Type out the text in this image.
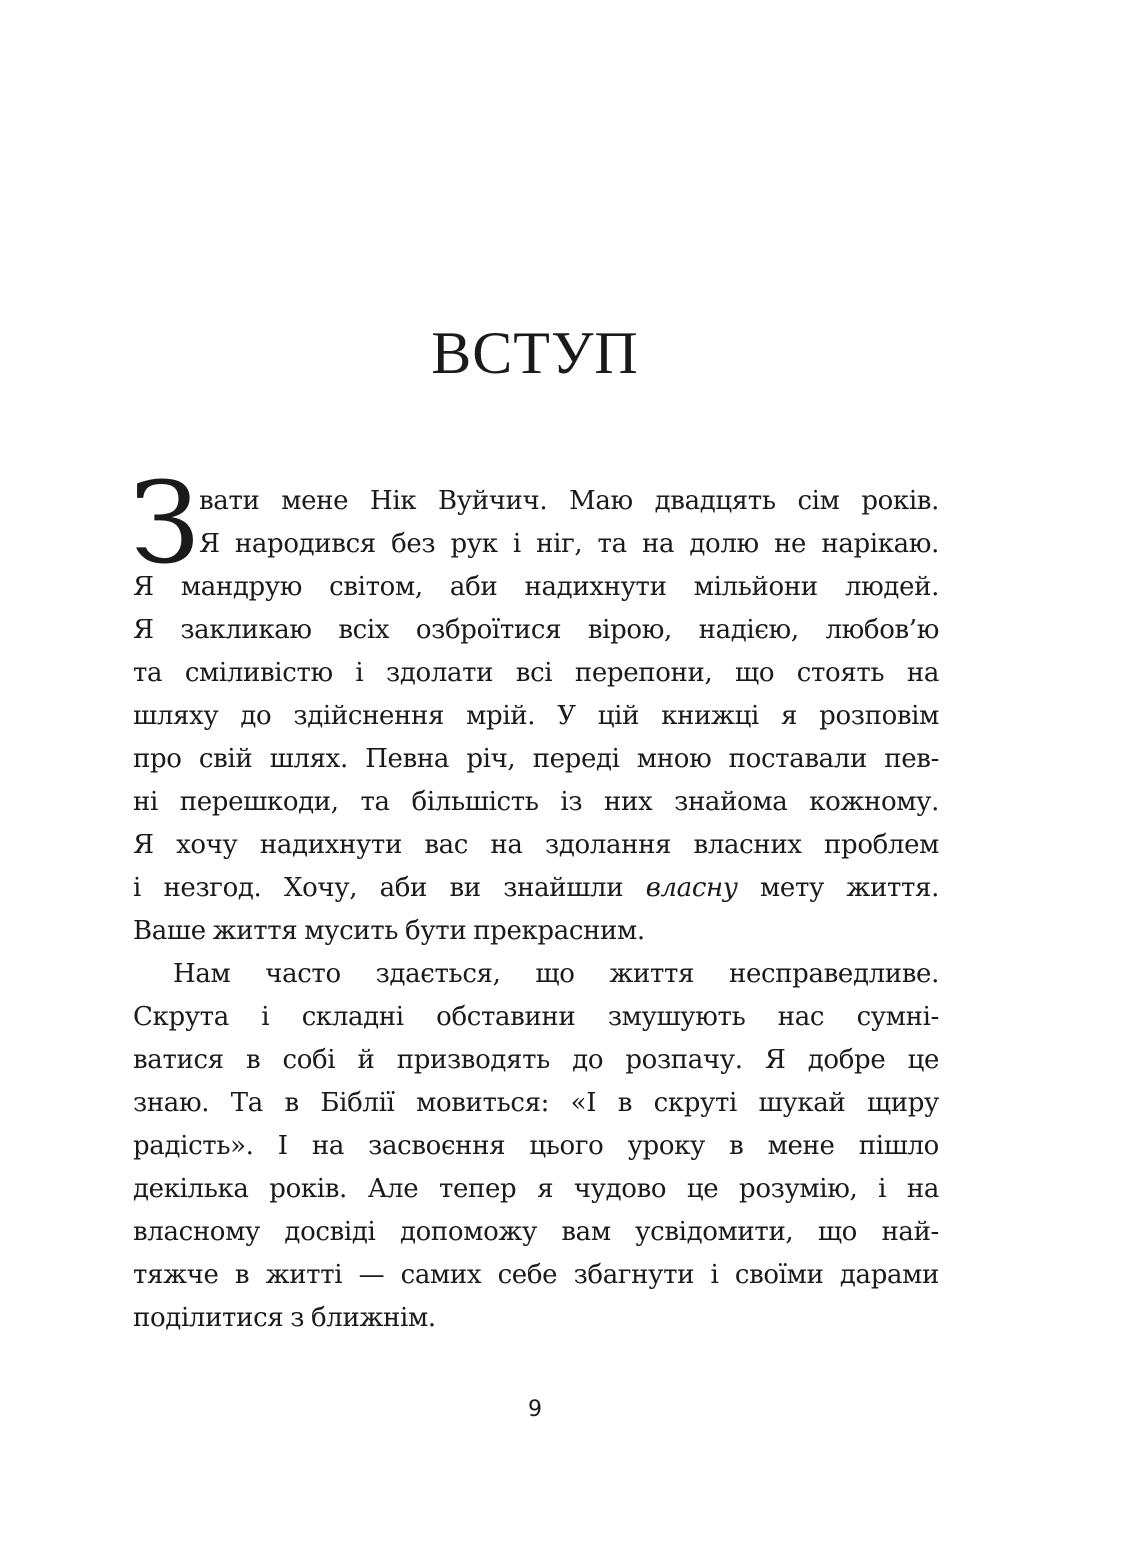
ВСТУП
З вати мене Нік Вуйчич. Маю двадцять сім років.
Я народився без рук і ніг, та на долю не нарікаю.
Я мандрую світом, аби надихнути мільйони людей.
Я закликаю всіх озброїтися вірою, надією, любов’ю
та сміливістю і здолати всі перепони, що стоять на
шляху до здійснення мрій. У цій книжці я розповім
про свій шлях. Певна річ, переді мною поставали пев-
ні перешкоди, та більшість із них знайома кожному.
Я хочу надихнути вас на здолання власних проблем
і незгод. Хочу, аби ви знайшли власну мету життя.
Ваше життя мусить бути прекрасним.
Нам часто здається, що життя несправедливе.
Скрута і складні обставини змушують нас сумні-
ватися в собі й призводять до розпачу. Я добре це
знаю. Та в Біблії мовиться: «І в скруті шукай щиру
радість». І на засвоєння цього уроку в мене пішло
декілька років. Але тепер я чудово це розумію, і на
власному досвіді допоможу вам усвідомити, що най-
тяжче в житті — самих себе збагнути і своїми дарами
поділитися з ближнім.
9
